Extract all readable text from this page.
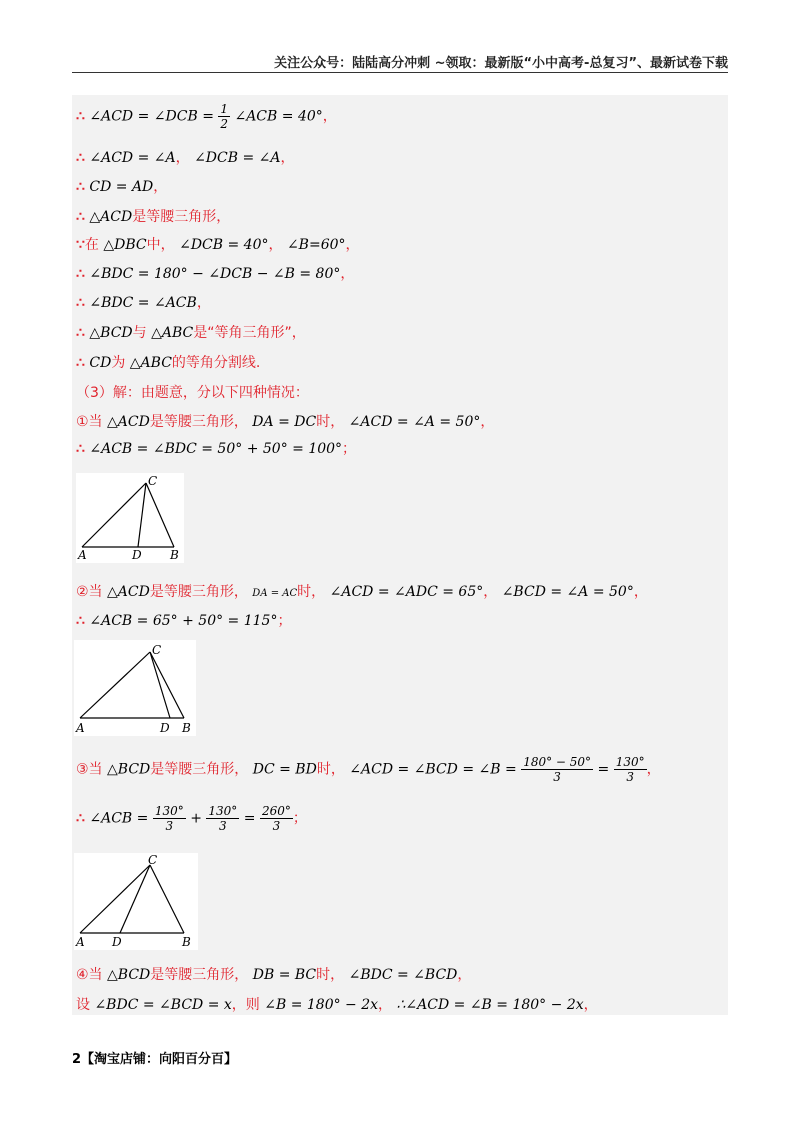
关注公众号：陆陆高分冲刺 ~领取：最新版“小中高考-总复习”、最新试卷下载
∴ ∠ACD = ∠DCB = $\frac{1}{2}$ ∠ACB = 40°，
∴ ∠ACD = ∠A， ∠DCB = ∠A，
∴ CD = AD，
∴ △ACD是等腰三角形，
∵在 △DBC中， ∠DCB = 40°， ∠B=60°，
∴ ∠BDC = 180° − ∠DCB − ∠B = 80°，
∴ ∠BDC = ∠ACB，
∴ △BCD与 △ABC是“等角三角形”，
∴ CD为 △ABC的等角分割线.
（3）解：由题意，分以下四种情况：
①当 △ACD是等腰三角形， DA = DC时， ∠ACD = ∠A = 50°，
∴ ∠ACB = ∠BDC = 50° + 50° = 100°；
A	D B
C
②当 △ACD是等腰三角形， DA = AC时， ∠ACD = ∠ADC = 65°， ∠BCD = ∠A = 50°，
∴ ∠ACB = 65° + 50° = 115°；
A	D B
C
③当 △BCD是等腰三角形， DC = BD时， ∠ACD = ∠BCD = ∠B = $\frac{180^\circ - 50^\circ}{3} = \frac{130^\circ}{3}$ ，
∴ ∠ACB = $\frac{130^\circ}{3} + \frac{130^\circ}{3} = \frac{260^\circ}{3}$ ；
A D	B
C
④当 △BCD是等腰三角形， DB = BC时， ∠BDC = ∠BCD，
设 ∠BDC = ∠BCD = x，则 ∠B = 180° − 2x， ∴∠ACD = ∠B = 180° − 2x，
2【淘宝店铺：向阳百分百】
